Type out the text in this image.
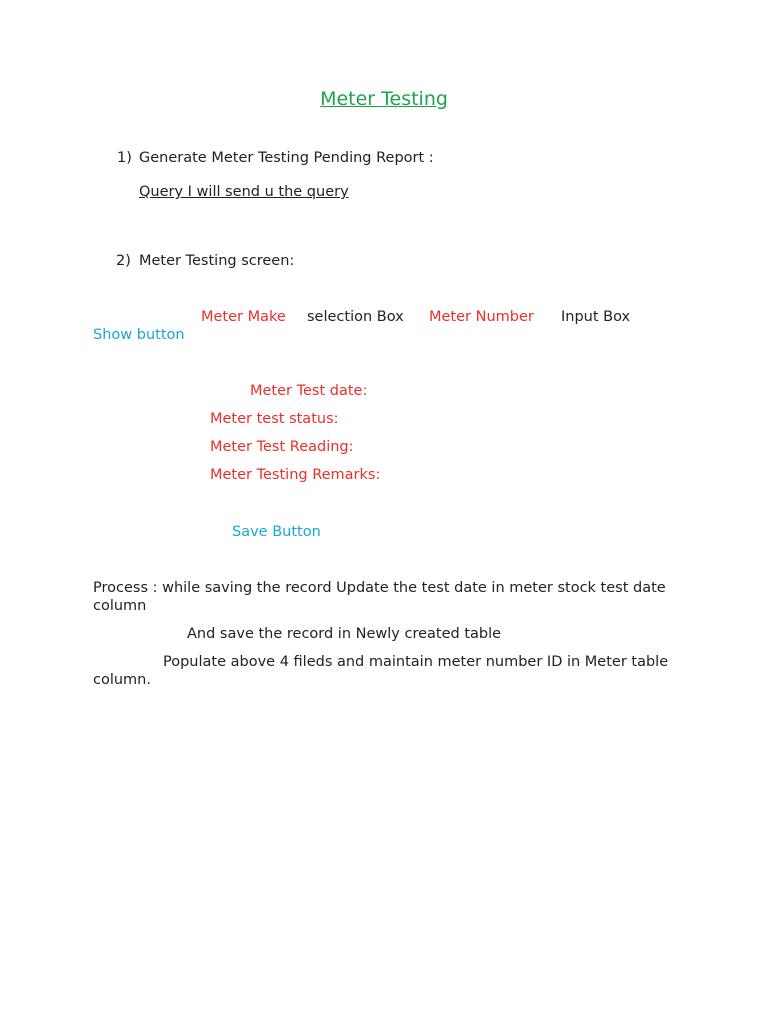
Meter Testing
1) Generate Meter Testing Pending Report :
Query I will send u the query
2) Meter Testing screen:
Meter Make selection Box Meter Number Input Box
Show button
Meter Test date:
Meter test status:
Meter Test Reading:
Meter Testing Remarks:
Save Button
Process : while saving the record Update the test date in meter stock test date column
And save the record in Newly created table
Populate above 4 fileds and maintain meter number ID in Meter table column.
